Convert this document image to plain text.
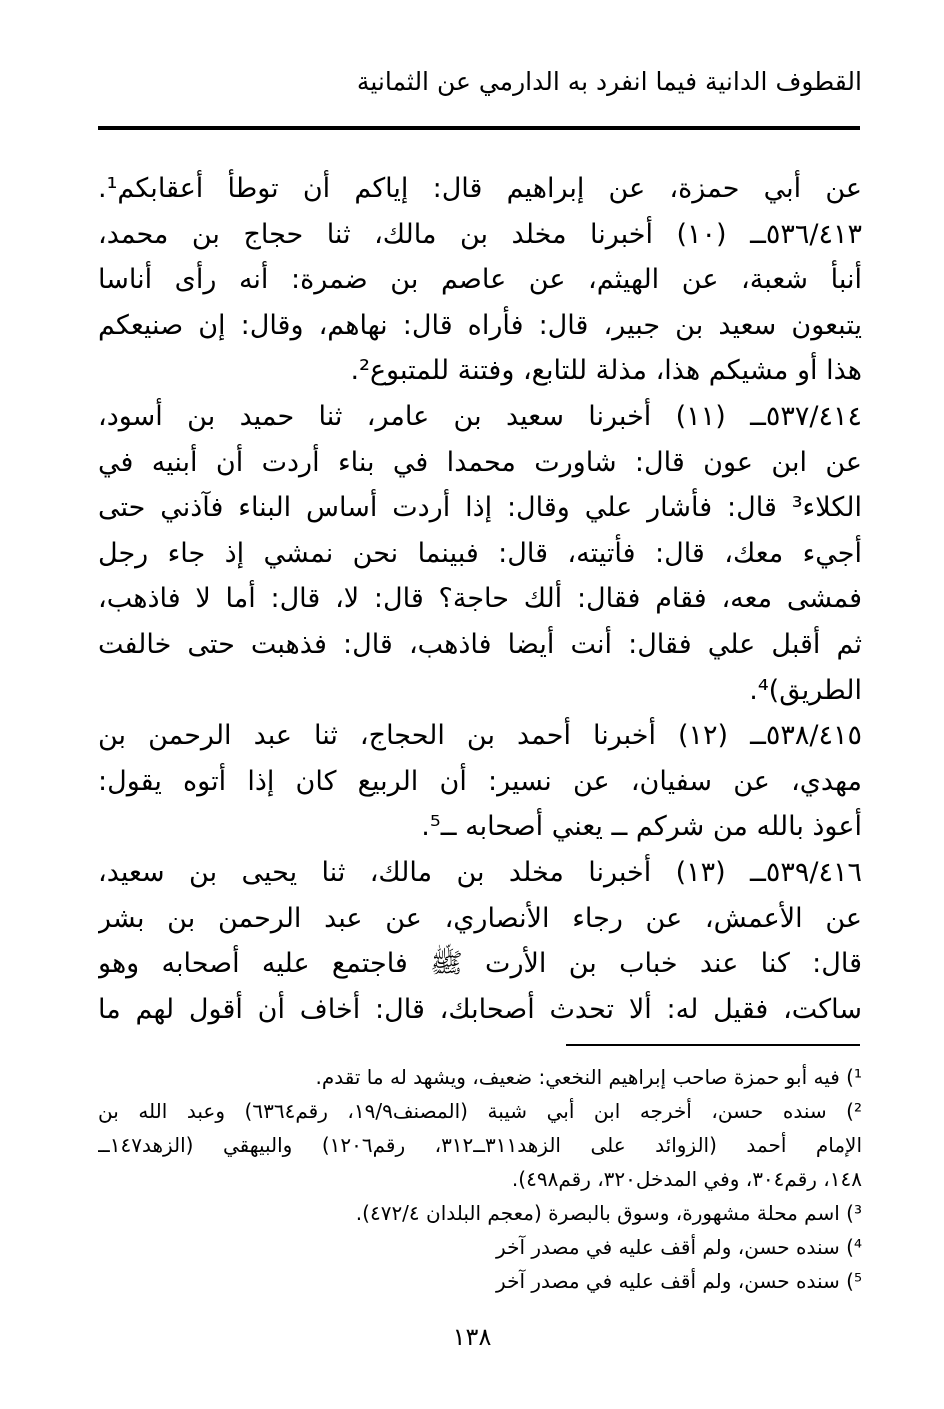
القطوف الدانية فيما انفرد به الدارمي عن الثمانية
عن أبي حمزة، عن إبراهيم قال: إياكم أن توطأ أعقابكم¹.
٥٣٦/٤١٣ــ (١٠) أخبرنا مخلد بن مالك، ثنا حجاج بن محمد،
أنبأ شعبة، عن الهيثم، عن عاصم بن ضمرة: أنه رأى أناسا
يتبعون سعيد بن جبير، قال: فأراه قال: نهاهم، وقال: إن صنيعكم
هذا أو مشيكم هذا، مذلة للتابع، وفتنة للمتبوع².
٥٣٧/٤١٤ــ (١١) أخبرنا سعيد بن عامر، ثنا حميد بن أسود،
عن ابن عون قال: شاورت محمدا في بناء أردت أن أبنيه في
الكلاء³ قال: فأشار علي وقال: إذا أردت أساس البناء فآذني حتى
أجيء معك، قال: فأتيته، قال: فبينما نحن نمشي إذ جاء رجل
فمشى معه، فقام فقال: ألك حاجة؟ قال: لا، قال: أما لا فاذهب،
ثم أقبل علي فقال: أنت أيضا فاذهب، قال: فذهبت حتى خالفت
الطريق)⁴.
٥٣٨/٤١٥ــ (١٢) أخبرنا أحمد بن الحجاج، ثنا عبد الرحمن بن
مهدي، عن سفيان، عن نسير: أن الربيع كان إذا أتوه يقول:
أعوذ بالله من شركم ــ يعني أصحابه ــ⁵.
٥٣٩/٤١٦ــ (١٣) أخبرنا مخلد بن مالك، ثنا يحيى بن سعيد،
عن الأعمش، عن رجاء الأنصاري، عن عبد الرحمن بن بشر
قال: كنا عند خباب بن الأرت ﷺ فاجتمع عليه أصحابه وهو
ساكت، فقيل له: ألا تحدث أصحابك، قال: أخاف أن أقول لهم ما
¹) فيه أبو حمزة صاحب إبراهيم النخعي: ضعيف، ويشهد له ما تقدم.
²) سنده حسن، أخرجه ابن أبي شيبة (المصنف١٩/٩، رقم٦٣٦٤) وعبد الله بن
الإمام أحمد (الزوائد على الزهد٣١١ــ٣١٢، رقم١٢٠٦) والبيهقي (الزهد١٤٧ــ
١٤٨، رقم٣٠٤، وفي المدخل٣٢٠، رقم٤٩٨).
³) اسم محلة مشهورة، وسوق بالبصرة (معجم البلدان ٤٧٢/٤).
⁴) سنده حسن، ولم أقف عليه في مصدر آخر
⁵) سنده حسن، ولم أقف عليه في مصدر آخر
١٣٨
